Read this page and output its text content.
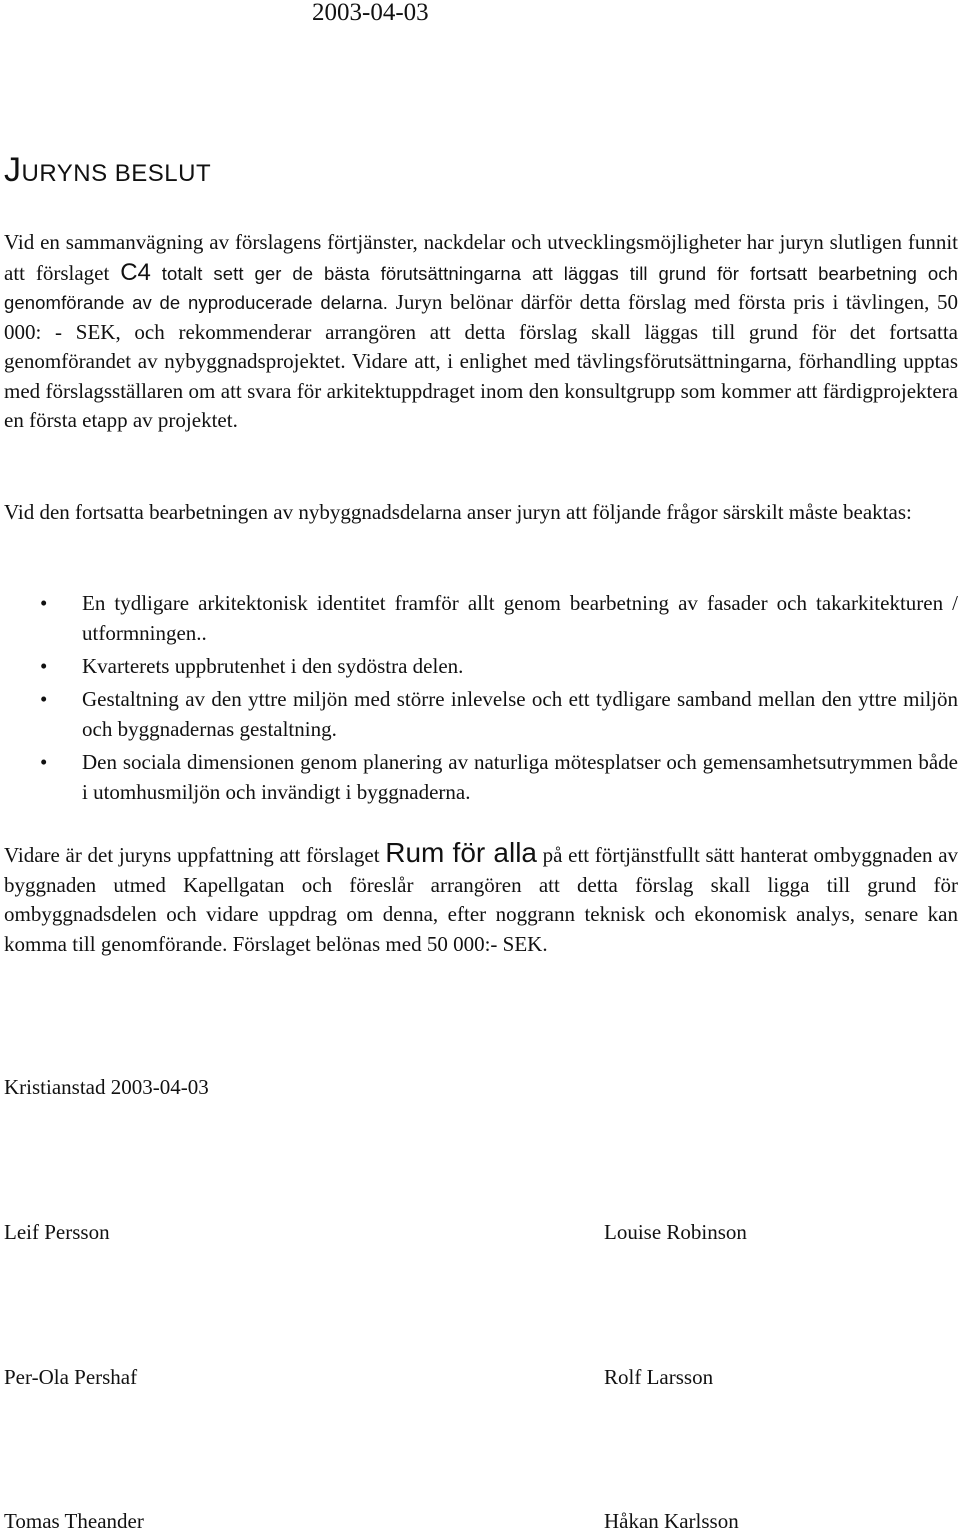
2003-04-03
JURYNS BESLUT

Vid en sammanvägning av förslagens förtjänster, nackdelar och utvecklingsmöjligheter har juryn slutligen funnit att förslaget C4 totalt sett ger de bästa förutsättningarna att läggas till grund för fortsatt bearbetning och genomförande av de nyproducerade delarna. Juryn belönar därför detta förslag med första pris i tävlingen, 50 000: - SEK, och rekommenderar arrangören att detta förslag skall läggas till grund för det fortsatta genomförandet av nybyggnadsprojektet. Vidare att, i enlighet med tävlingsförutsättningarna, förhandling upptas med förslagsställaren om att svara för arkitektuppdraget inom den konsultgrupp som kommer att färdigprojektera en första etapp av projektet.

Vid den fortsatta bearbetningen av nybyggnadsdelarna anser juryn att följande frågor särskilt måste beaktas:

• En tydligare arkitektonisk identitet framför allt genom bearbetning av fasader och takarkitekturen / utformningen..
• Kvarterets uppbrutenhet i den sydöstra delen.
• Gestaltning av den yttre miljön med större inlevelse och ett tydligare samband mellan den yttre miljön och byggnadernas gestaltning.
• Den sociala dimensionen genom planering av naturliga mötesplatser och gemensamhetsutrymmen både i utomhusmiljön och invändigt i byggnaderna.

Vidare är det juryns uppfattning att förslaget Rum för alla på ett förtjänstfullt sätt hanterat ombyggnaden av byggnaden utmed Kapellgatan och föreslår arrangören att detta förslag skall ligga till grund för ombyggnadsdelen och vidare uppdrag om denna, efter noggrann teknisk och ekonomisk analys, senare kan komma till genomförande. Förslaget belönas med 50 000:- SEK.

Kristianstad 2003-04-03
Leif Persson	Louise Robinson
Per-Ola Pershaf	Rolf Larsson
Tomas Theander	Håkan Karlsson
